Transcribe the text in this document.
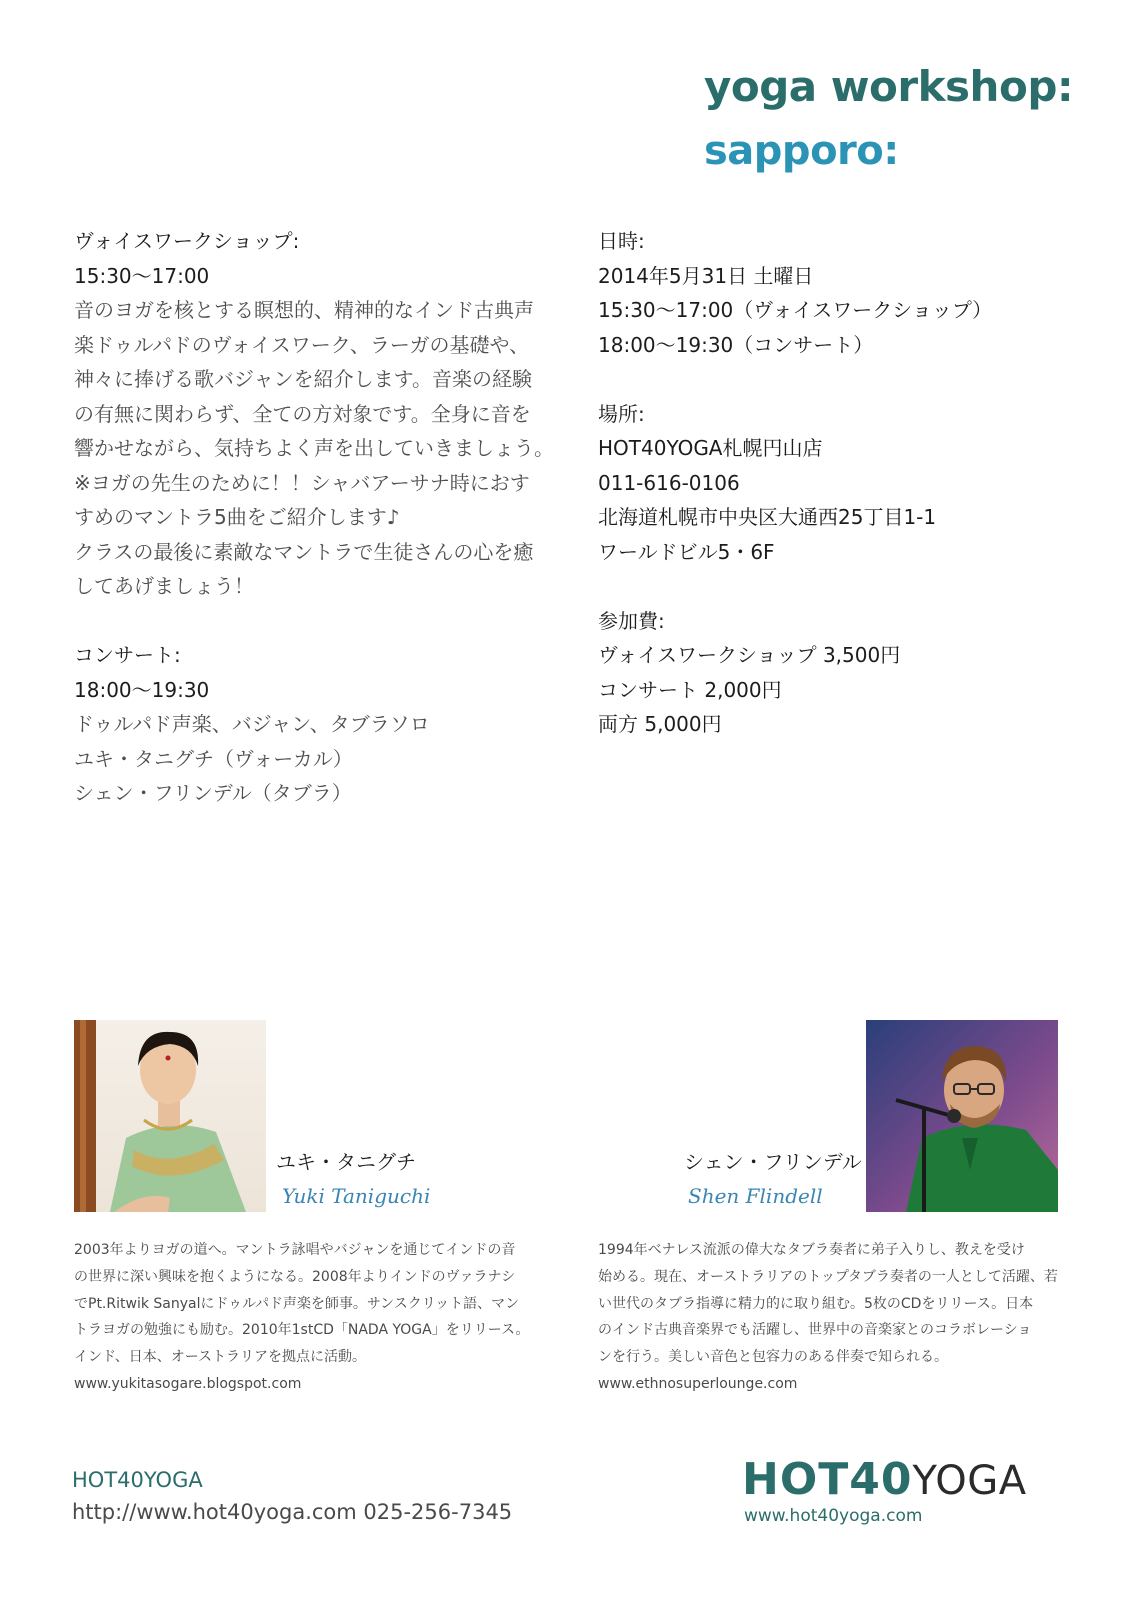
yoga workshop:
sapporo:
ヴォイスワークショップ:
15:30〜17:00
音のヨガを核とする瞑想的、精神的なインド古典声
楽ドゥルパドのヴォイスワーク、ラーガの基礎や、
神々に捧げる歌バジャンを紹介します。音楽の経験
の有無に関わらず、全ての方対象です。全身に音を
響かせながら、気持ちよく声を出していきましょう。
※ヨガの先生のために！！シャバアーサナ時におす
すめのマントラ5曲をご紹介します♪
クラスの最後に素敵なマントラで生徒さんの心を癒
してあげましょう！
コンサート:
18:00〜19:30
ドゥルパド声楽、バジャン、タブラソロ
ユキ・タニグチ（ヴォーカル）
シェン・フリンデル（タブラ）
日時:
2014年5月31日 土曜日
15:30〜17:00（ヴォイスワークショップ）
18:00〜19:30（コンサート）
場所:
HOT40YOGA札幌円山店
011-616-0106
北海道札幌市中央区大通西25丁目1-1
ワールドビル5・6F
参加費:
ヴォイスワークショップ 3,500円
コンサート 2,000円
両方 5,000円
ユキ・タニグチ
Yuki Taniguchi
シェン・フリンデル
Shen Flindell
2003年よりヨガの道へ。マントラ詠唱やバジャンを通じてインドの音
の世界に深い興味を抱くようになる。2008年よりインドのヴァラナシ
でPt.Ritwik Sanyalにドゥルパド声楽を師事。サンスクリット語、マン
トラヨガの勉強にも励む。2010年1stCD「NADA YOGA」をリリース。
インド、日本、オーストラリアを拠点に活動。
www.yukitasogare.blogspot.com
1994年ベナレス流派の偉大なタブラ奏者に弟子入りし、教えを受け
始める。現在、オーストラリアのトップタブラ奏者の一人として活躍、若
い世代のタブラ指導に精力的に取り組む。5枚のCDをリリース。日本
のインド古典音楽界でも活躍し、世界中の音楽家とのコラボレーショ
ンを行う。美しい音色と包容力のある伴奏で知られる。
www.ethnosuperlounge.com
HOT40YOGA
http://www.hot40yoga.com 025-256-7345
HOT40YOGA
www.hot40yoga.com
